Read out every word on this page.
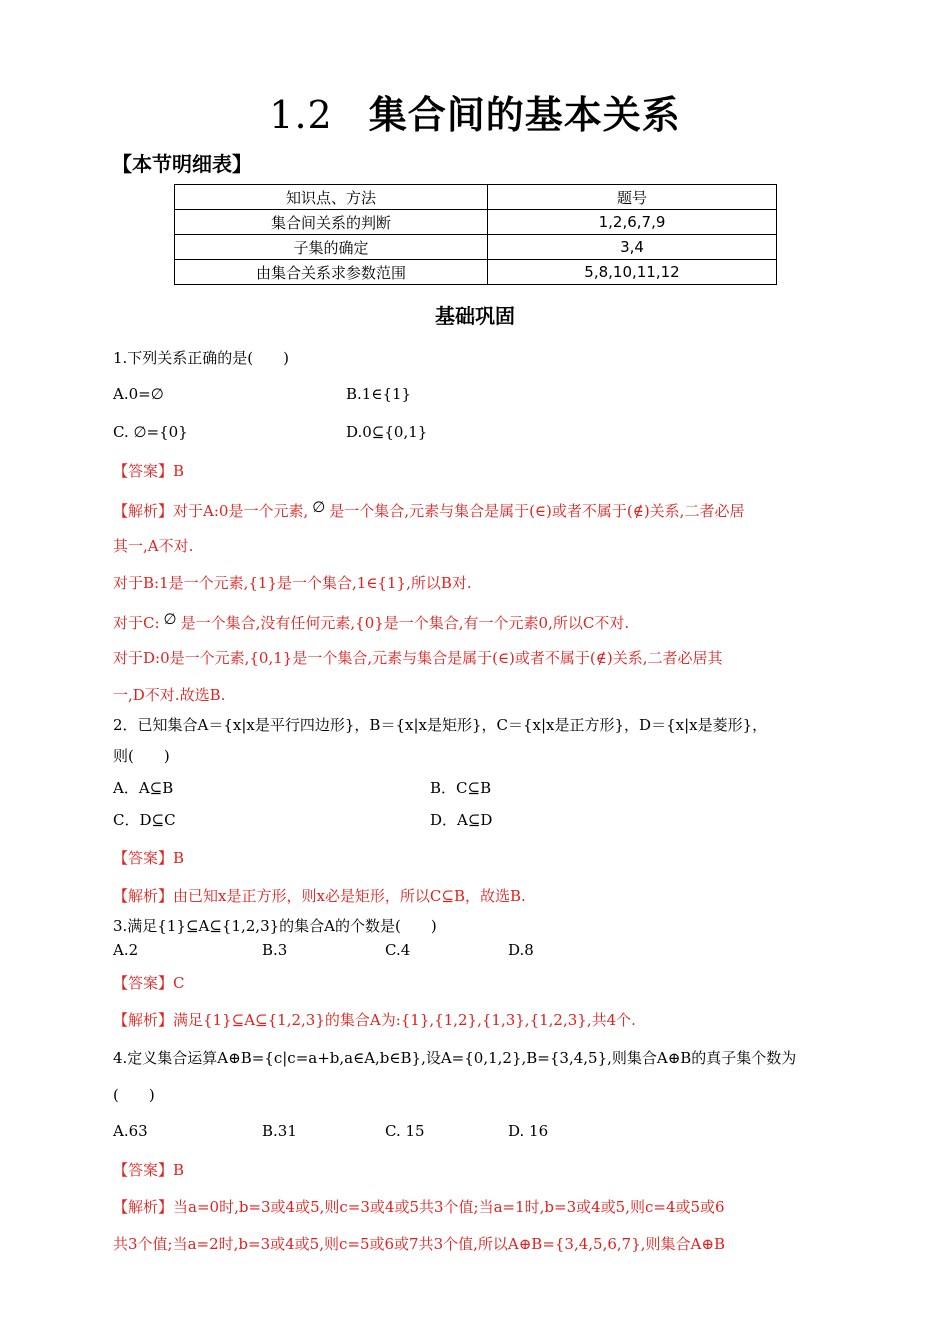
1.2 集合间的基本关系
【本节明细表】
知识点、方法	题号
集合间关系的判断	1,2,6,7,9
子集的确定	3,4
由集合关系求参数范围	5,8,10,11,12
基础巩固
1.下列关系正确的是(　　)
A.0=∅	B.1∈{1}
C. ∅={0}	D.0⊆{0,1}
【答案】B
【解析】对于A:0是一个元素, ∅ 是一个集合,元素与集合是属于(∈)或者不属于(∉)关系,二者必居
其一,A不对.
对于B:1是一个元素,{1}是一个集合,1∈{1},所以B对.
对于C: ∅ 是一个集合,没有任何元素,{0}是一个集合,有一个元素0,所以C不对.
对于D:0是一个元素,{0,1}是一个集合,元素与集合是属于(∈)或者不属于(∉)关系,二者必居其
一,D不对.故选B.
2．已知集合A＝{x|x是平行四边形}，B＝{x|x是矩形}，C＝{x|x是正方形}，D＝{x|x是菱形}，
则(　　)
A．A⊆B	B．C⊆B
C．D⊆C	D．A⊆D
【答案】B
【解析】由已知x是正方形，则x必是矩形，所以C⊆B，故选B.
3.满足{1}⊆A⊆{1,2,3}的集合A的个数是(　　)
A.2	B.3	C.4	D.8
【答案】C
【解析】满足{1}⊆A⊆{1,2,3}的集合A为:{1},{1,2},{1,3},{1,2,3},共4个.
4.定义集合运算A⊕B={c|c=a+b,a∈A,b∈B},设A={0,1,2},B={3,4,5},则集合A⊕B的真子集个数为
(　　)
A.63	B.31	C. 15	D. 16
【答案】B
【解析】当a=0时,b=3或4或5,则c=3或4或5共3个值;当a=1时,b=3或4或5,则c=4或5或6
共3个值;当a=2时,b=3或4或5,则c=5或6或7共3个值,所以A⊕B={3,4,5,6,7},则集合A⊕B
